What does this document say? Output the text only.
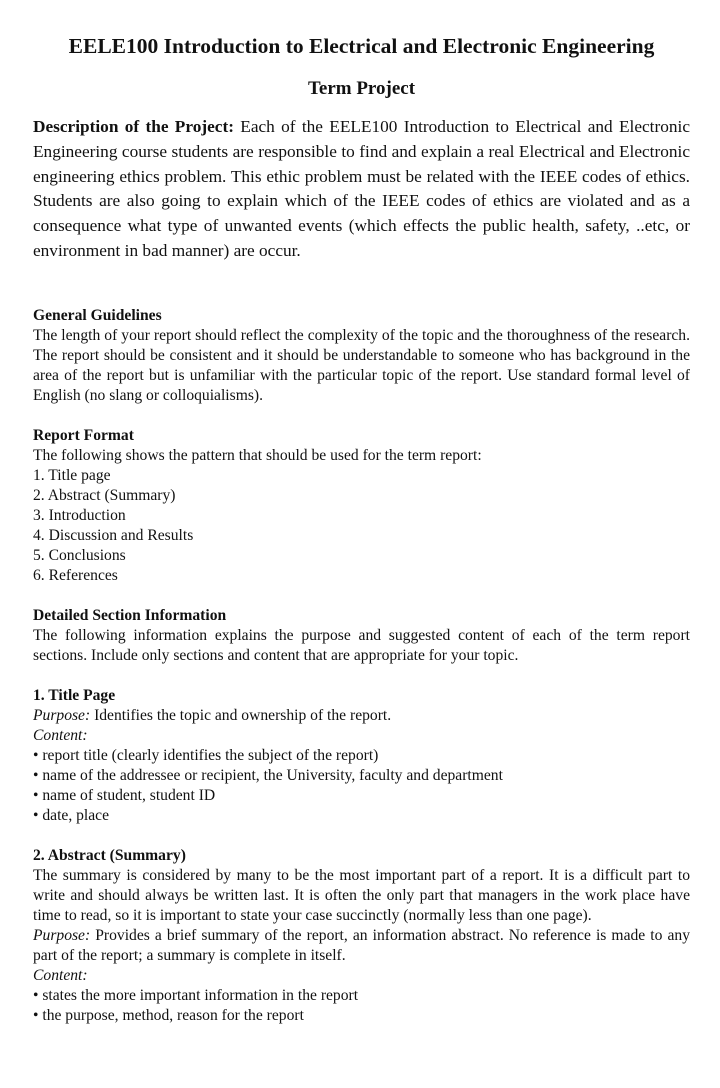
EELE100 Introduction to Electrical and Electronic Engineering
Term Project

Description of the Project: Each of the EELE100 Introduction to Electrical and Electronic Engineering course students are responsible to find and explain a real Electrical and Electronic engineering ethics problem. This ethic problem must be related with the IEEE codes of ethics. Students are also going to explain which of the IEEE codes of ethics are violated and as a consequence what type of unwanted events (which effects the public health, safety, ..etc, or environment in bad manner) are occur.

General Guidelines
The length of your report should reflect the complexity of the topic and the thoroughness of the research. The report should be consistent and it should be understandable to someone who has background in the area of the report but is unfamiliar with the particular topic of the report. Use standard formal level of English (no slang or colloquialisms).
Report Format
The following shows the pattern that should be used for the term report:
1. Title page
2. Abstract (Summary)
3. Introduction
4. Discussion and Results
5. Conclusions
6. References
Detailed Section Information
The following information explains the purpose and suggested content of each of the term report sections. Include only sections and content that are appropriate for your topic.
1. Title Page
Purpose: Identifies the topic and ownership of the report.
Content:
• report title (clearly identifies the subject of the report)
• name of the addressee or recipient, the University, faculty and department
• name of student, student ID
• date, place
2. Abstract (Summary)
The summary is considered by many to be the most important part of a report. It is a difficult part to write and should always be written last. It is often the only part that managers in the work place have time to read, so it is important to state your case succinctly (normally less than one page).
Purpose: Provides a brief summary of the report, an information abstract. No reference is made to any part of the report; a summary is complete in itself.
Content:
• states the more important information in the report
• the purpose, method, reason for the report
